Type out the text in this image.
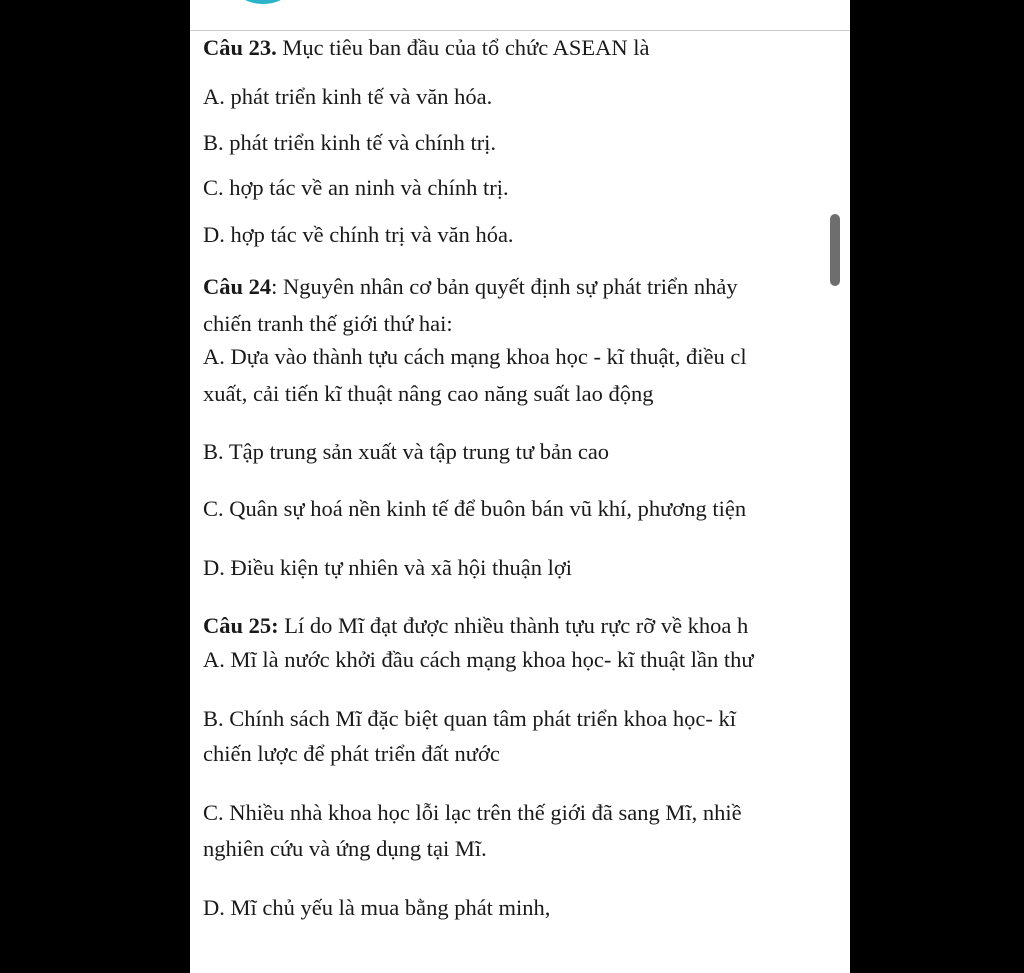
Câu 23. Mục tiêu ban đầu của tổ chức ASEAN là
A. phát triển kinh tế và văn hóa.
B. phát triển kinh tế và chính trị.
C. hợp tác về an ninh và chính trị.
D. hợp tác về chính trị và văn hóa.
Câu 24: Nguyên nhân cơ bản quyết định sự phát triển nhảy
chiến tranh thế giới thứ hai:
A. Dựa vào thành tựu cách mạng khoa học - kĩ thuật, điều cl
xuất, cải tiến kĩ thuật nâng cao năng suất lao động
B. Tập trung sản xuất và tập trung tư bản cao
C. Quân sự hoá nền kinh tế để buôn bán vũ khí, phương tiện
D. Điều kiện tự nhiên và xã hội thuận lợi
Câu 25: Lí do Mĩ đạt được nhiều thành tựu rực rỡ về khoa h
A. Mĩ là nước khởi đầu cách mạng khoa học- kĩ thuật lần thư
B. Chính sách Mĩ đặc biệt quan tâm phát triển khoa học- kĩ
chiến lược để phát triển đất nước
C. Nhiều nhà khoa học lỗi lạc trên thế giới đã sang Mĩ, nhiề
nghiên cứu và ứng dụng tại Mĩ.
D. Mĩ chủ yếu là mua bằng phát minh,
